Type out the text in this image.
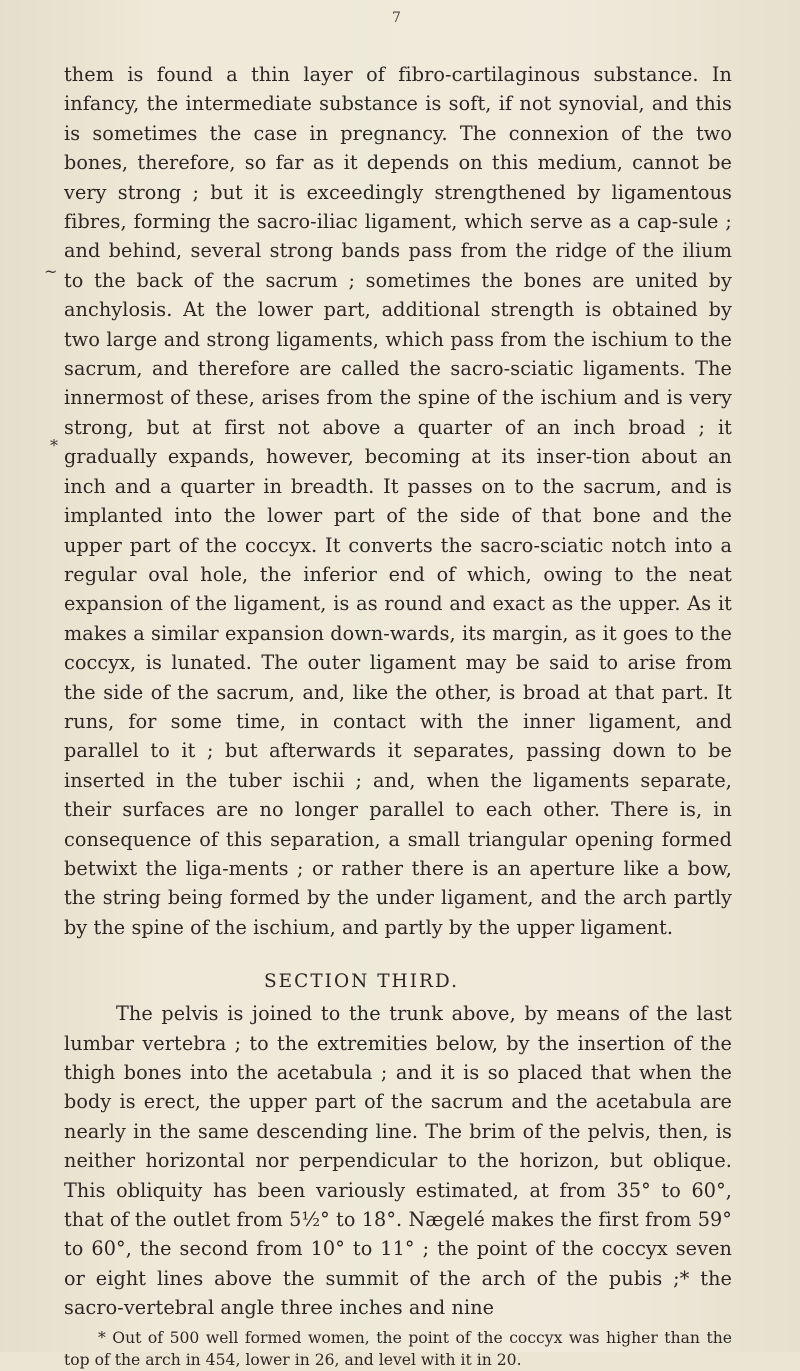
7
~
*

them is found a thin layer of fibro-cartilaginous substance. In infancy, the intermediate substance is soft, if not synovial, and this is sometimes the case in pregnancy. The connexion of the two bones, therefore, so far as it depends on this medium, cannot be very strong ; but it is exceedingly strengthened by ligamentous fibres, forming the sacro-iliac ligament, which serve as a cap-sule ; and behind, several strong bands pass from the ridge of the ilium to the back of the sacrum ; sometimes the bones are united by anchylosis. At the lower part, additional strength is obtained by two large and strong ligaments, which pass from the ischium to the sacrum, and therefore are called the sacro-sciatic ligaments. The innermost of these, arises from the spine of the ischium and is very strong, but at first not above a quarter of an inch broad ; it gradually expands, however, becoming at its inser-tion about an inch and a quarter in breadth. It passes on to the sacrum, and is implanted into the lower part of the side of that bone and the upper part of the coccyx. It converts the sacro-sciatic notch into a regular oval hole, the inferior end of which, owing to the neat expansion of the ligament, is as round and exact as the upper. As it makes a similar expansion down-wards, its margin, as it goes to the coccyx, is lunated. The outer ligament may be said to arise from the side of the sacrum, and, like the other, is broad at that part. It runs, for some time, in contact with the inner ligament, and parallel to it ; but afterwards it separates, passing down to be inserted in the tuber ischii ; and, when the ligaments separate, their surfaces are no longer parallel to each other. There is, in consequence of this separation, a small triangular opening formed betwixt the liga-ments ; or rather there is an aperture like a bow, the string being formed by the under ligament, and the arch partly by the spine of the ischium, and partly by the upper ligament.

SECTION THIRD.

The pelvis is joined to the trunk above, by means of the last lumbar vertebra ; to the extremities below, by the insertion of the thigh bones into the acetabula ; and it is so placed that when the body is erect, the upper part of the sacrum and the acetabula are nearly in the same descending line. The brim of the pelvis, then, is neither horizontal nor perpendicular to the horizon, but oblique. This obliquity has been variously estimated, at from 35° to 60°, that of the outlet from 5½° to 18°. Nægelé makes the first from 59° to 60°, the second from 10° to 11° ; the point of the coccyx seven or eight lines above the summit of the arch of the pubis ;* the sacro-vertebral angle three inches and nine

* Out of 500 well formed women, the point of the coccyx was higher than the top of the arch in 454, lower in 26, and level with it in 20.
